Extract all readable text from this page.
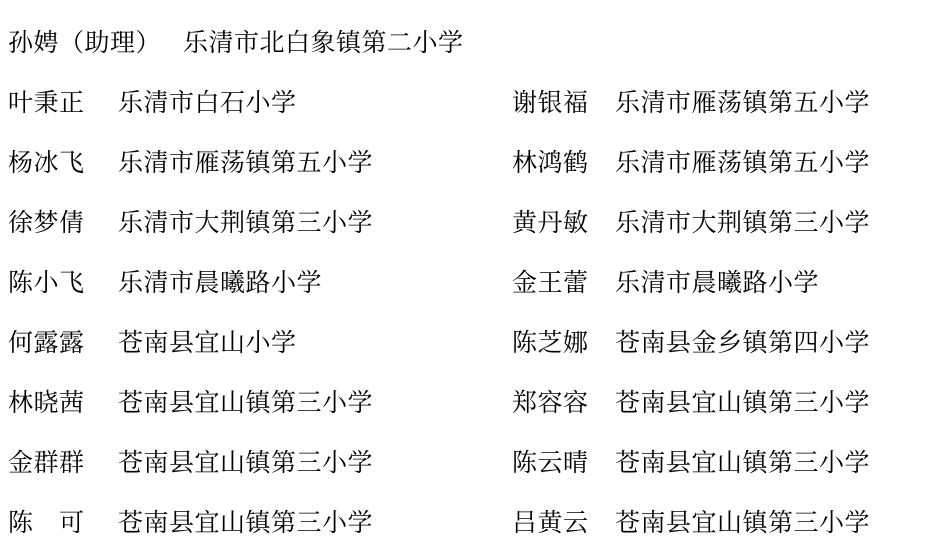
孙娉（助理） 乐清市北白象镇第二小学
叶秉正	乐清市白石小学	谢银福	乐清市雁荡镇第五小学
杨冰飞	乐清市雁荡镇第五小学	林鸿鹤	乐清市雁荡镇第五小学
徐梦倩	乐清市大荆镇第三小学	黄丹敏	乐清市大荆镇第三小学
陈小飞	乐清市晨曦路小学	金王蕾	乐清市晨曦路小学
何露露	苍南县宜山小学	陈芝娜	苍南县金乡镇第四小学
林晓茜	苍南县宜山镇第三小学	郑容容	苍南县宜山镇第三小学
金群群	苍南县宜山镇第三小学	陈云晴	苍南县宜山镇第三小学
陈　可	苍南县宜山镇第三小学	吕黄云	苍南县宜山镇第三小学
